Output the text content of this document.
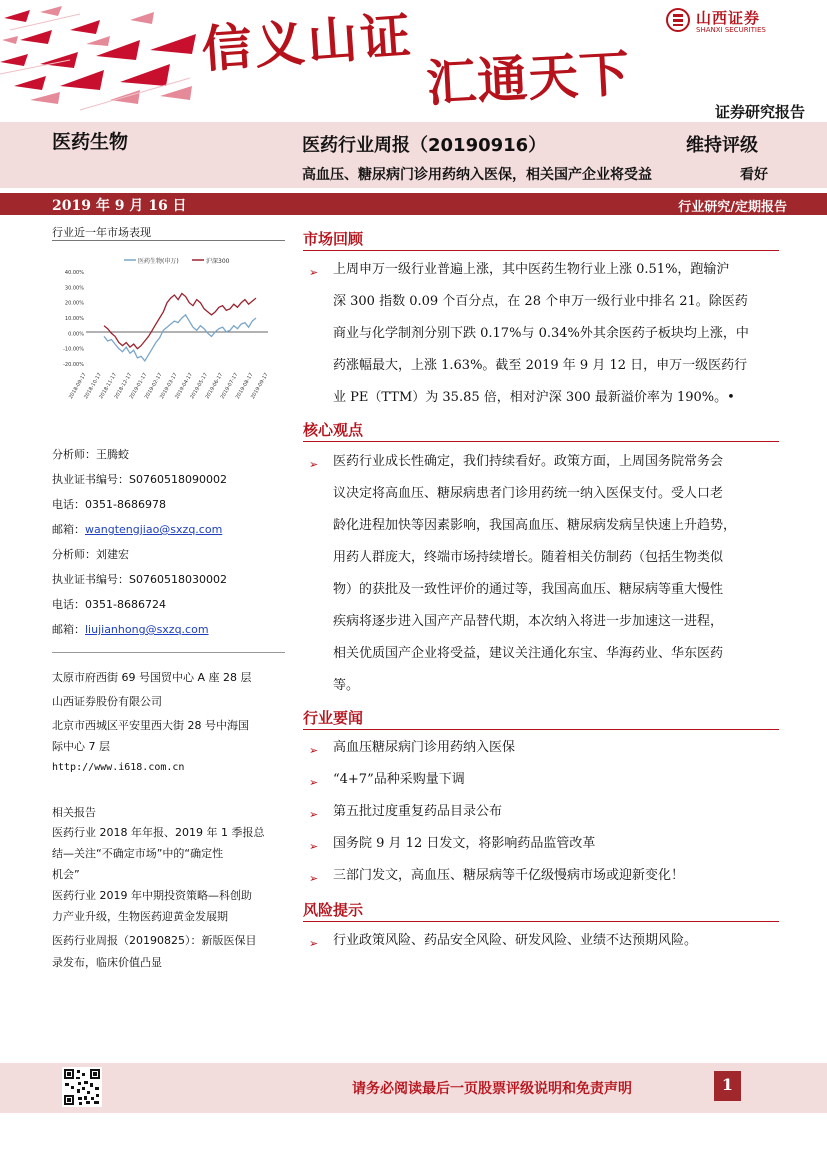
信义山证 汇通天下
山西证券
SHANXI SECURITIES
证券研究报告
医药生物	医药行业周报（20190916）	维持评级
高血压、糖尿病门诊用药纳入医保，相关国产企业将受益	看好
2019 年 9 月 16 日	行业研究/定期报告
行业近一年市场表现
40.00%
30.00%
20.00%
10.00%
0.00%
-10.00%
-20.00%
2018-09-17
2018-10-17
2018-11-17
2018-12-17
2019-01-17
2019-02-17
2019-03-17
2019-04-17
2019-05-17
2019-06-17
2019-07-17
2019-08-17
2019-09-17
医药生物(申万)	沪深300
分析师：王腾蛟
执业证书编号：S0760518090002
电话：0351-8686978
邮箱：wangtengjiao@sxzq.com
分析师：刘建宏
执业证书编号：S0760518030002
电话：0351-8686724
邮箱：liujianhong@sxzq.com
太原市府西街 69 号国贸中心 A 座 28 层
山西证券股份有限公司
北京市西城区平安里西大街 28 号中海国
际中心 7 层
http://www.i618.com.cn
相关报告
医药行业 2018 年年报、2019 年 1 季报总
结—关注“不确定市场”中的“确定性
机会”
医药行业 2019 年中期投资策略—科创助
力产业升级，生物医药迎黄金发展期
医药行业周报（20190825）：新版医保目
录发布，临床价值凸显
市场回顾
➢ 上周申万一级行业普遍上涨，其中医药生物行业上涨 0.51%，跑输沪
深 300 指数 0.09 个百分点，在 28 个申万一级行业中排名 21。除医药
商业与化学制剂分别下跌 0.17%与 0.34%外其余医药子板块均上涨，中
药涨幅最大，上涨 1.63%。截至 2019 年 9 月 12 日，申万一级医药行
业 PE（TTM）为 35.85 倍，相对沪深 300 最新溢价率为 190%。•
核心观点
➢ 医药行业成长性确定，我们持续看好。政策方面，上周国务院常务会
议决定将高血压、糖尿病患者门诊用药统一纳入医保支付。受人口老
龄化进程加快等因素影响，我国高血压、糖尿病发病呈快速上升趋势，
用药人群庞大，终端市场持续增长。随着相关仿制药（包括生物类似
物）的获批及一致性评价的通过等，我国高血压、糖尿病等重大慢性
疾病将逐步进入国产产品替代期，本次纳入将进一步加速这一进程，
相关优质国产企业将受益，建议关注通化东宝、华海药业、华东医药
等。
行业要闻
➢ 高血压糖尿病门诊用药纳入医保
➢ “4+7”品种采购量下调
➢ 第五批过度重复药品目录公布
➢ 国务院 9 月 12 日发文，将影响药品监管改革
➢ 三部门发文，高血压、糖尿病等千亿级慢病市场或迎新变化！
风险提示
➢ 行业政策风险、药品安全风险、研发风险、业绩不达预期风险。
请务必阅读最后一页股票评级说明和免责声明	1
